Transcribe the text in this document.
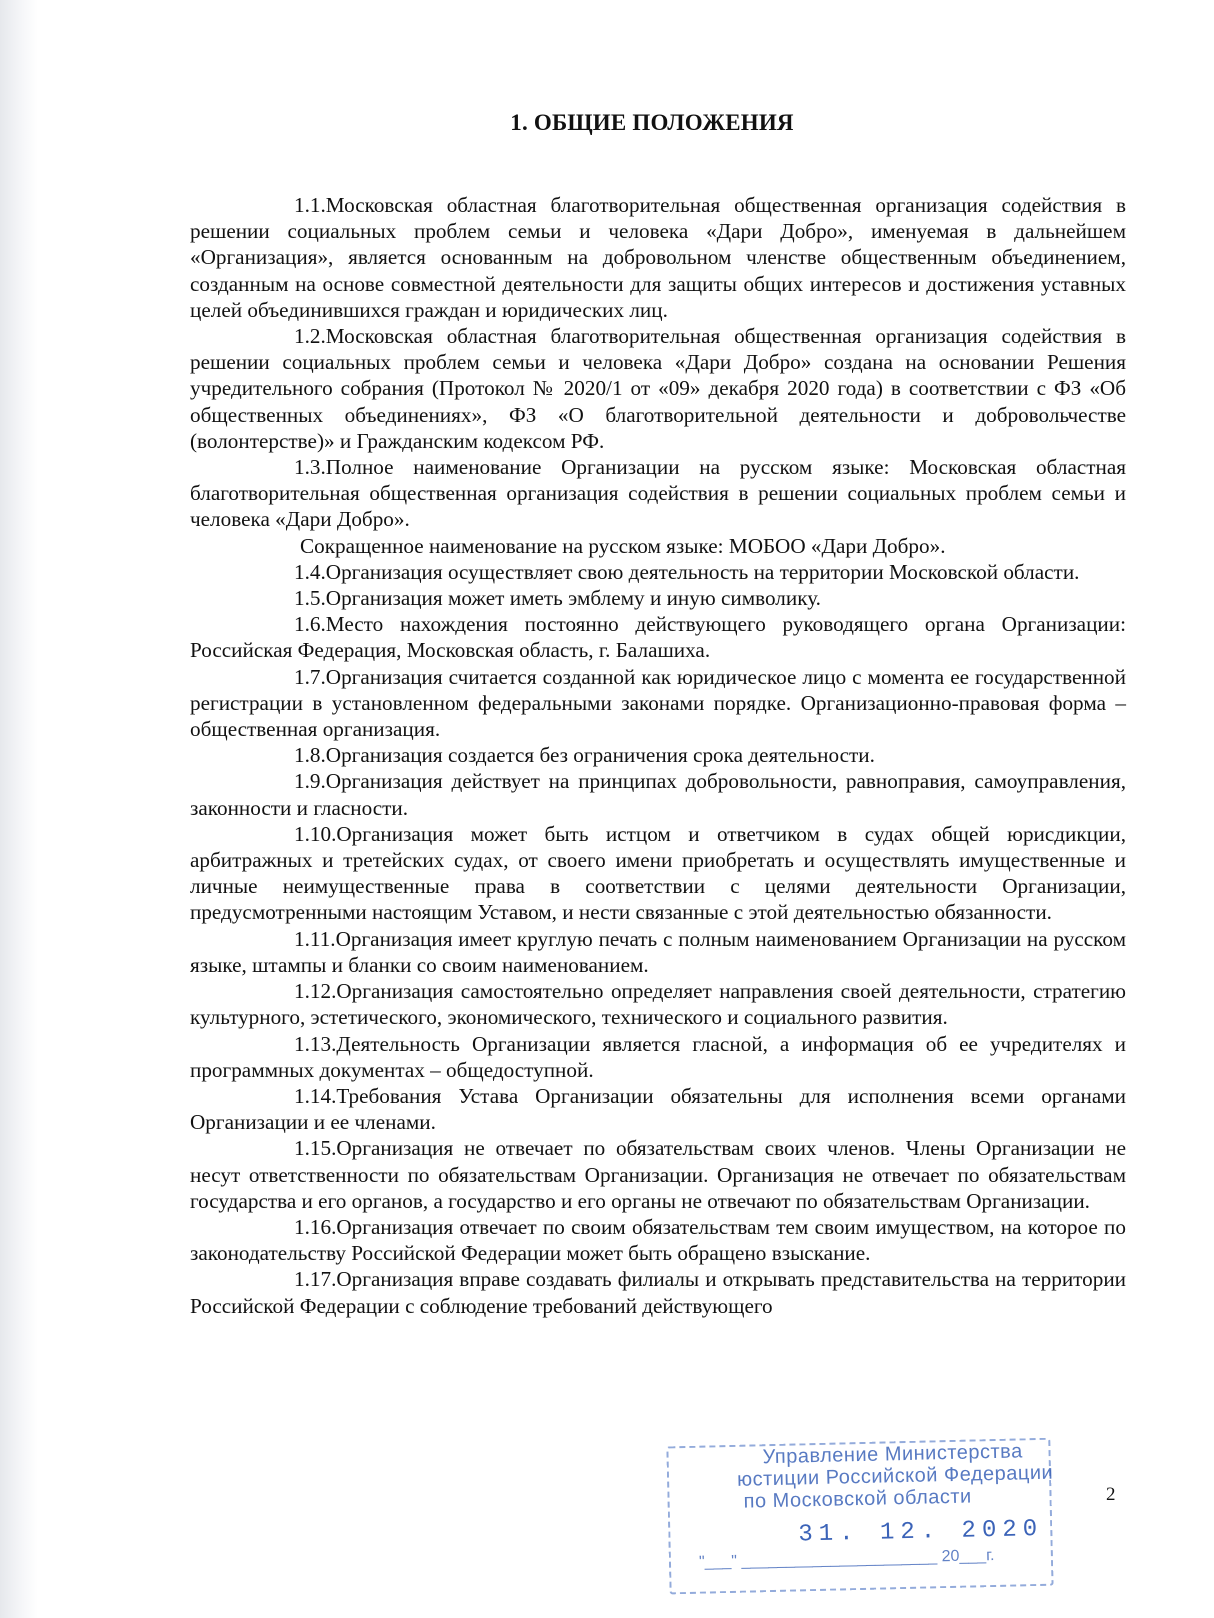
1. ОБЩИЕ ПОЛОЖЕНИЯ

1.1.Московская областная благотворительная общественная организация содействия в решении социальных проблем семьи и человека «Дари Добро», именуемая в дальнейшем «Организация», является основанным на добровольном членстве общественным объединением, созданным на основе совместной деятельности для защиты общих интересов и достижения уставных целей объединившихся граждан и юридических лиц.

1.2.Московская областная благотворительная общественная организация содействия в решении социальных проблем семьи и человека «Дари Добро» создана на основании Решения учредительного собрания (Протокол № 2020/1 от «09» декабря 2020 года) в соответствии с ФЗ «Об общественных объединениях», ФЗ «О благотворительной деятельности и добровольчестве (волонтерстве)» и Гражданским кодексом РФ.

1.3.Полное наименование Организации на русском языке: Московская областная благотворительная общественная организация содействия в решении социальных проблем семьи и человека «Дари Добро».

Сокращенное наименование на русском языке: МОБОО «Дари Добро».

1.4.Организация осуществляет свою деятельность на территории Московской области.

1.5.Организация может иметь эмблему и иную символику.

1.6.Место нахождения постоянно действующего руководящего органа Организации: Российская Федерация, Московская область, г. Балашиха.

1.7.Организация считается созданной как юридическое лицо с момента ее государственной регистрации в установленном федеральными законами порядке. Организационно-правовая форма – общественная организация.

1.8.Организация создается без ограничения срока деятельности.

1.9.Организация действует на принципах добровольности, равноправия, самоуправления, законности и гласности.

1.10.Организация может быть истцом и ответчиком в судах общей юрисдикции, арбитражных и третейских судах, от своего имени приобретать и осуществлять имущественные и личные неимущественные права в соответствии с целями деятельности Организации, предусмотренными настоящим Уставом, и нести связанные с этой деятельностью обязанности.

1.11.Организация имеет круглую печать с полным наименованием Организации на русском языке, штампы и бланки со своим наименованием.

1.12.Организация самостоятельно определяет направления своей деятельности, стратегию культурного, эстетического, экономического, технического и социального развития.

1.13.Деятельность Организации является гласной, а информация об ее учредителях и программных документах – общедоступной.

1.14.Требования Устава Организации обязательны для исполнения всеми органами Организации и ее членами.

1.15.Организация не отвечает по обязательствам своих членов. Члены Организации не несут ответственности по обязательствам Организации. Организация не отвечает по обязательствам государства и его органов, а государство и его органы не отвечают по обязательствам Организации.

1.16.Организация отвечает по своим обязательствам тем своим имуществом, на которое по законодательству Российской Федерации может быть обращено взыскание.

1.17.Организация вправе создавать филиалы и открывать представительства на территории Российской Федерации с соблюдение требований действующего

2
Управление Министерства
юстиции Российской Федерации
по Московской области
31. 12. 2020
"___" ______________________ 20___г.
